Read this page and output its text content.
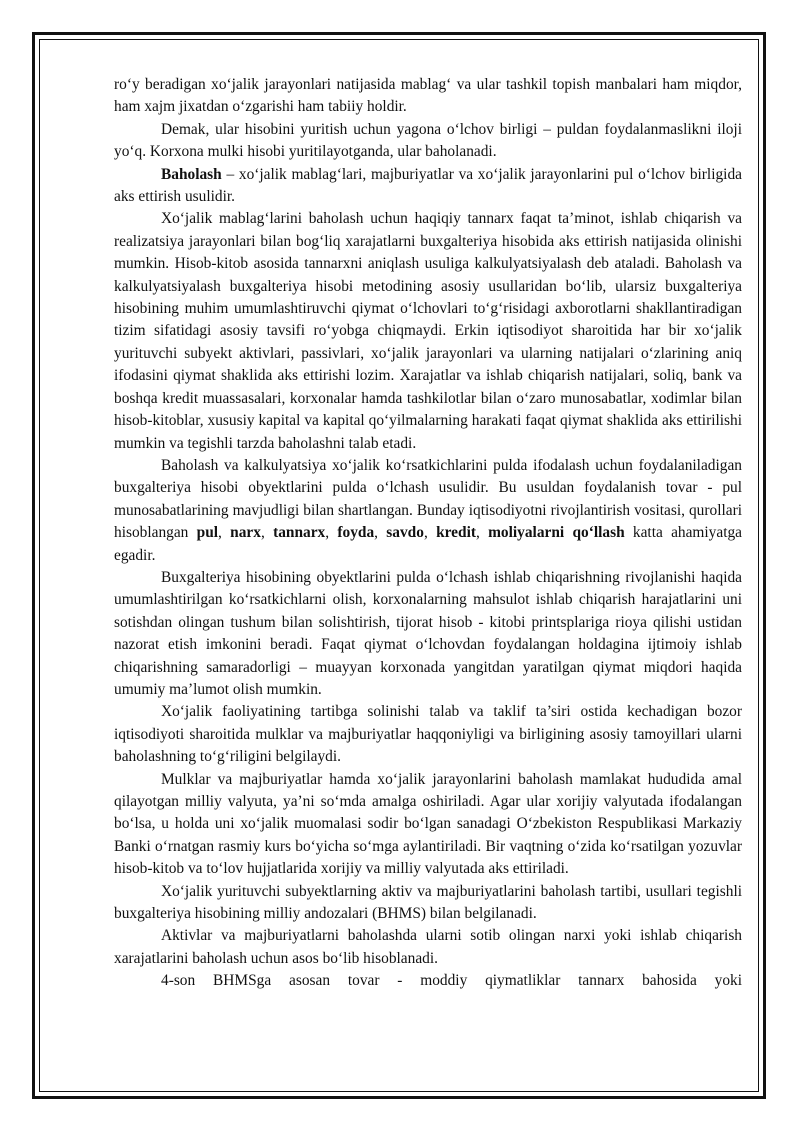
ro‘y beradigan xo‘jalik jarayonlari natijasida mablag‘ va ular tashkil topish manbalari ham miqdor, ham xajm jixatdan o‘zgarishi ham tabiiy holdir.

Demak, ular hisobini yuritish uchun yagona o‘lchov birligi – puldan foydalanmaslikni iloji yo‘q. Korxona mulki hisobi yuritilayotganda, ular baholanadi.

Baholash – xo‘jalik mablag‘lari, majburiyatlar va xo‘jalik jarayonlarini pul o‘lchov birligida aks ettirish usulidir.

Xo‘jalik mablag‘larini baholash uchun haqiqiy tannarx faqat ta’minot, ishlab chiqarish va realizatsiya jarayonlari bilan bog‘liq xarajatlarni buxgalteriya hisobida aks ettirish natijasida olinishi mumkin. Hisob-kitob asosida tannarxni aniqlash usuliga kalkulyatsiyalash deb ataladi. Baholash va kalkulyatsiyalash buxgalteriya hisobi metodining asosiy usullaridan bo‘lib, ularsiz buxgalteriya hisobining muhim umumlashtiruvchi qiymat o‘lchovlari to‘g‘risidagi axborotlarni shakllantiradigan tizim sifatidagi asosiy tavsifi ro‘yobga chiqmaydi. Erkin iqtisodiyot sharoitida har bir xo‘jalik yurituvchi subyekt aktivlari, passivlari, xo‘jalik jarayonlari va ularning natijalari o‘zlarining aniq ifodasini qiymat shaklida aks ettirishi lozim. Xarajatlar va ishlab chiqarish natijalari, soliq, bank va boshqa kredit muassasalari, korxonalar hamda tashkilotlar bilan o‘zaro munosabatlar, xodimlar bilan hisob-kitoblar, xususiy kapital va kapital qo‘yilmalarning harakati faqat qiymat shaklida aks ettirilishi mumkin va tegishli tarzda baholashni talab etadi.

Baholash va kalkulyatsiya xo‘jalik ko‘rsatkichlarini pulda ifodalash uchun foydalaniladigan buxgalteriya hisobi obyektlarini pulda o‘lchash usulidir. Bu usuldan foydalanish tovar - pul munosabatlarining mavjudligi bilan shartlangan. Bunday iqtisodiyotni rivojlantirish vositasi, qurollari hisoblangan pul, narx, tannarx, foyda, savdo, kredit, moliyalarni qo‘llash katta ahamiyatga egadir.

Buxgalteriya hisobining obyektlarini pulda o‘lchash ishlab chiqarishning rivojlanishi haqida umumlashtirilgan ko‘rsatkichlarni olish, korxonalarning mahsulot ishlab chiqarish harajatlarini uni sotishdan olingan tushum bilan solishtirish, tijorat hisob - kitobi printsplariga rioya qilishi ustidan nazorat etish imkonini beradi. Faqat qiymat o‘lchovdan foydalangan holdagina ijtimoiy ishlab chiqarishning samaradorligi – muayyan korxonada yangitdan yaratilgan qiymat miqdori haqida umumiy ma’lumot olish mumkin.

Xo‘jalik faoliyatining tartibga solinishi talab va taklif ta’siri ostida kechadigan bozor iqtisodiyoti sharoitida mulklar va majburiyatlar haqqoniyligi va birligining asosiy tamoyillari ularni baholashning to‘g‘riligini belgilaydi.

Mulklar va majburiyatlar hamda xo‘jalik jarayonlarini baholash mamlakat hududida amal qilayotgan milliy valyuta, ya’ni so‘mda amalga oshiriladi. Agar ular xorijiy valyutada ifodalangan bo‘lsa, u holda uni xo‘jalik muomalasi sodir bo‘lgan sanadagi O‘zbekiston Respublikasi Markaziy Banki o‘rnatgan rasmiy kurs bo‘yicha so‘mga aylantiriladi. Bir vaqtning o‘zida ko‘rsatilgan yozuvlar hisob-kitob va to‘lov hujjatlarida xorijiy va milliy valyutada aks ettiriladi.

Xo‘jalik yurituvchi subyektlarning aktiv va majburiyatlarini baholash tartibi, usullari tegishli buxgalteriya hisobining milliy andozalari (BHMS) bilan belgilanadi.

Aktivlar va majburiyatlarni baholashda ularni sotib olingan narxi yoki ishlab chiqarish xarajatlarini baholash uchun asos bo‘lib hisoblanadi.

4-son BHMSga asosan tovar - moddiy qiymatliklar tannarx bahosida yoki
